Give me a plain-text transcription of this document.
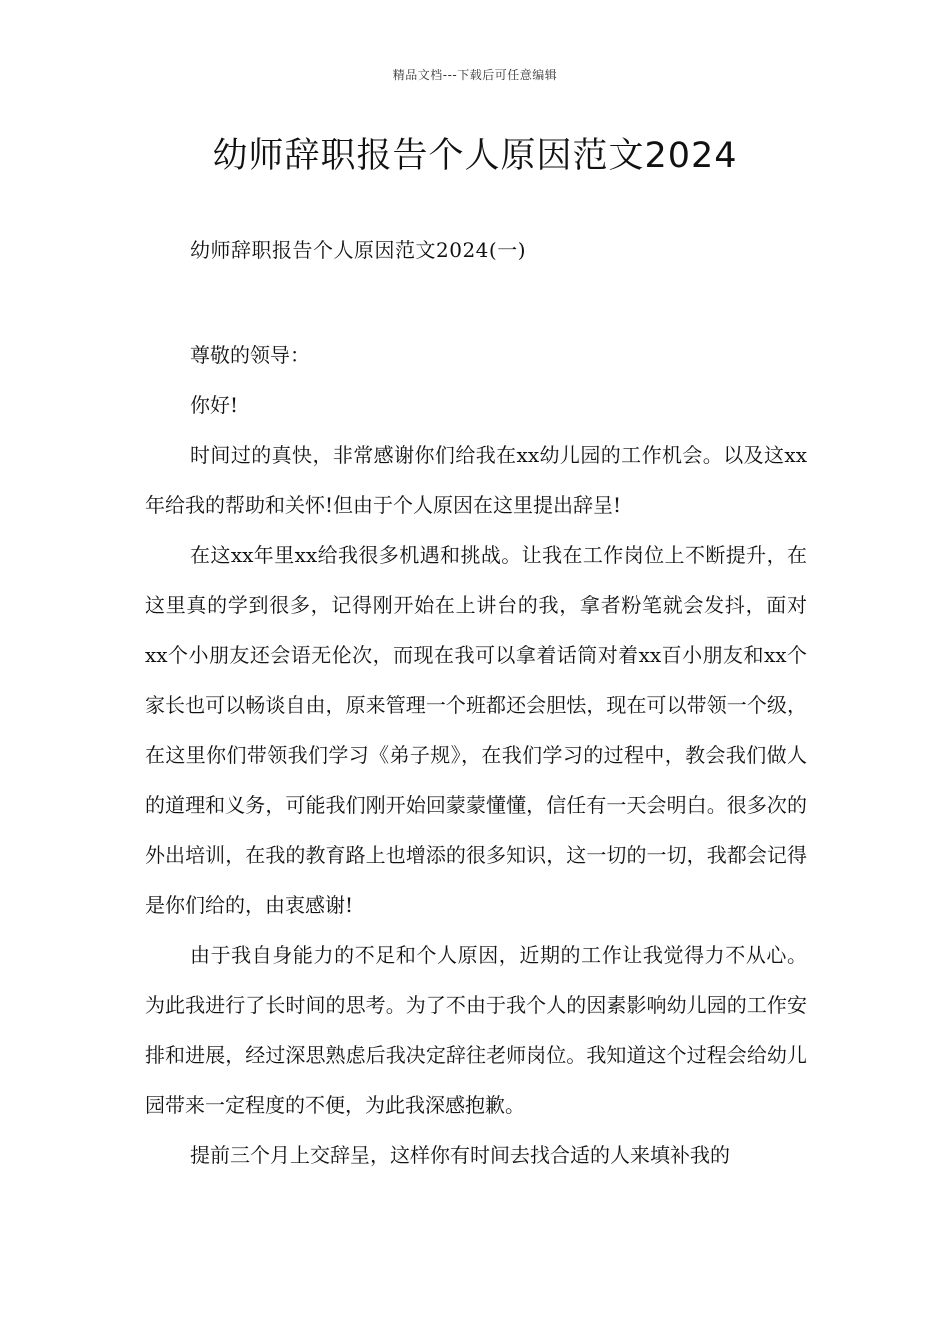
精品文档---下载后可任意编辑
幼师辞职报告个人原因范文2024
幼师辞职报告个人原因范文2024(一)

尊敬的领导：

你好!

时间过的真快，非常感谢你们给我在xx幼儿园的工作机会。以及这xx年给我的帮助和关怀!但由于个人原因在这里提出辞呈!

在这xx年里xx给我很多机遇和挑战。让我在工作岗位上不断提升，在这里真的学到很多，记得刚开始在上讲台的我，拿者粉笔就会发抖，面对xx个小朋友还会语无伦次，而现在我可以拿着话筒对着xx百小朋友和xx个家长也可以畅谈自由，原来管理一个班都还会胆怯，现在可以带领一个级，在这里你们带领我们学习《弟子规》，在我们学习的过程中，教会我们做人的道理和义务，可能我们刚开始回蒙蒙懂懂，信任有一天会明白。很多次的外出培训，在我的教育路上也增添的很多知识，这一切的一切，我都会记得是你们给的，由衷感谢!

由于我自身能力的不足和个人原因，近期的工作让我觉得力不从心。为此我进行了长时间的思考。为了不由于我个人的因素影响幼儿园的工作安排和进展，经过深思熟虑后我决定辞往老师岗位。我知道这个过程会给幼儿园带来一定程度的不便，为此我深感抱歉。

提前三个月上交辞呈，这样你有时间去找合适的人来填补我的
